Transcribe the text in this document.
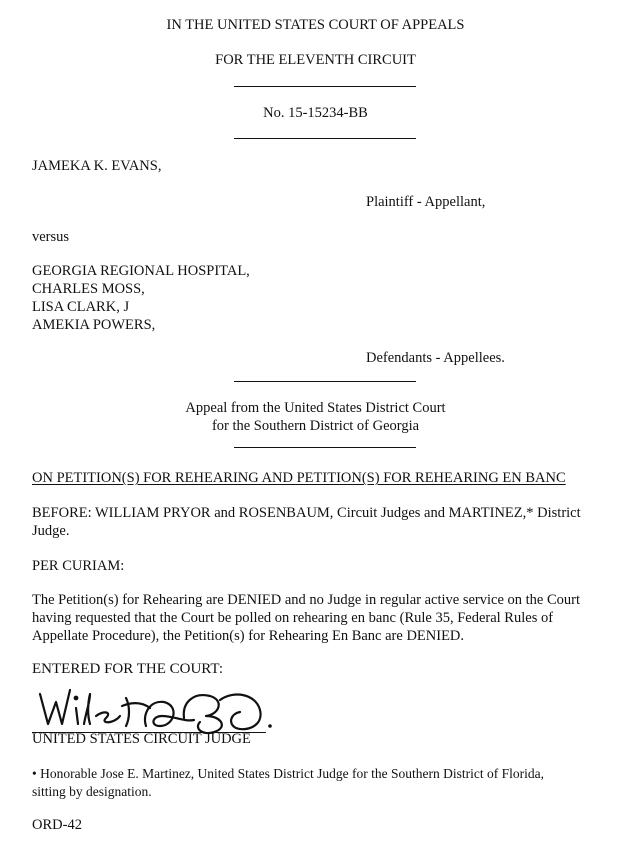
IN THE UNITED STATES COURT OF APPEALS
FOR THE ELEVENTH CIRCUIT
No. 15-15234-BB
JAMEKA K. EVANS,
Plaintiff - Appellant,
versus
GEORGIA REGIONAL HOSPITAL,
CHARLES MOSS,
LISA CLARK, J
AMEKIA POWERS,
Defendants - Appellees.
Appeal from the United States District Court
for the Southern District of Georgia
ON PETITION(S) FOR REHEARING AND PETITION(S) FOR REHEARING EN BANC
BEFORE: WILLIAM PRYOR and ROSENBAUM, Circuit Judges and MARTINEZ,* District
Judge.
PER CURIAM:
The Petition(s) for Rehearing are DENIED and no Judge in regular active service on the Court
having requested that the Court be polled on rehearing en banc (Rule 35, Federal Rules of
Appellate Procedure), the Petition(s) for Rehearing En Banc are DENIED.
ENTERED FOR THE COURT:
UNITED STATES CIRCUIT JUDGE
• Honorable Jose E. Martinez, United States District Judge for the Southern District of Florida,
sitting by designation.
ORD-42
